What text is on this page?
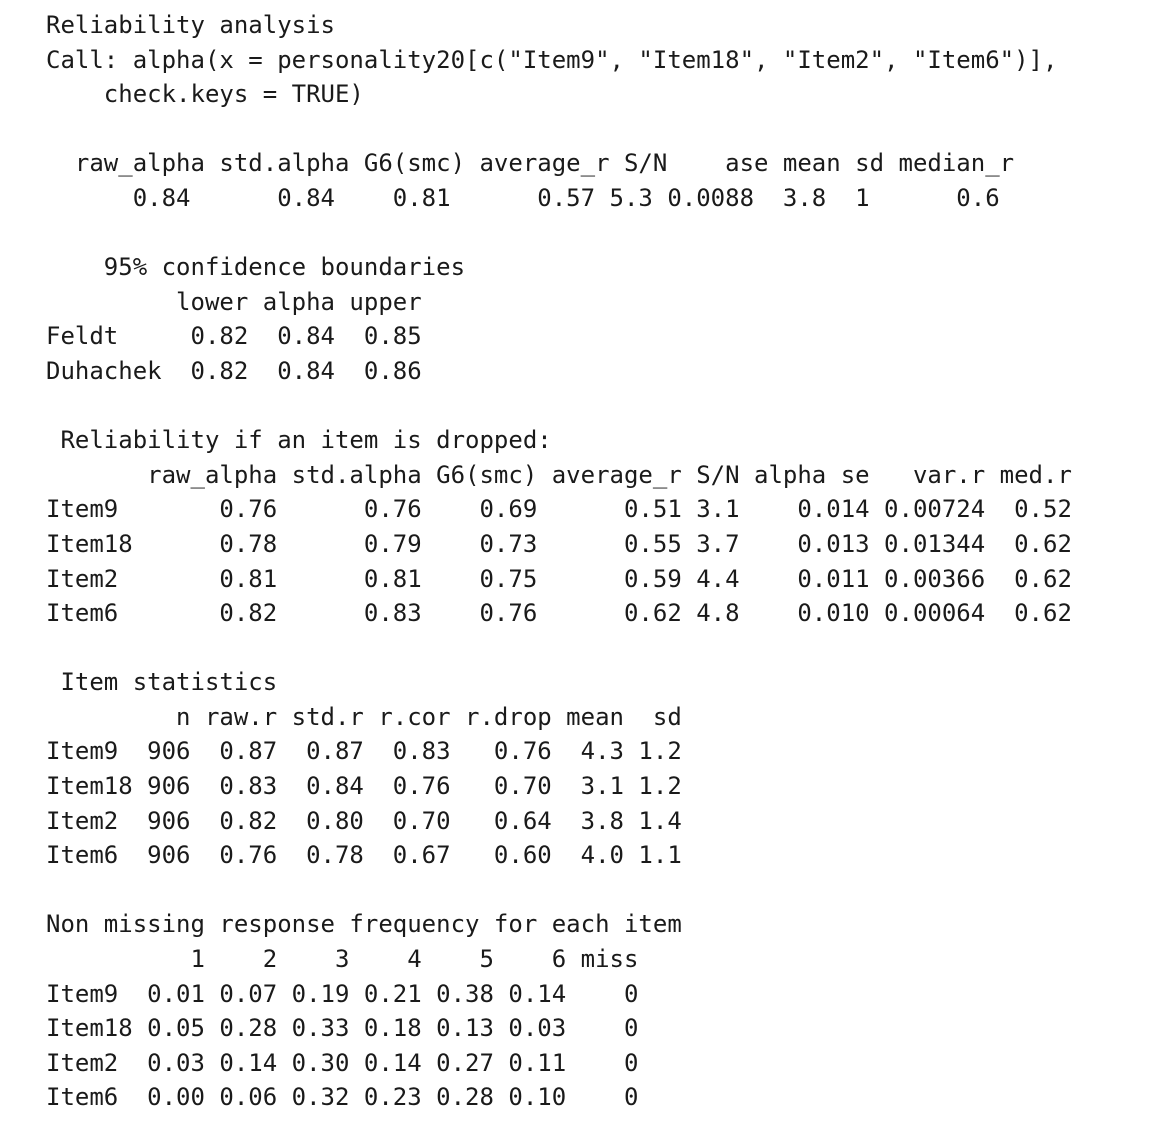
Reliability analysis
Call: alpha(x = personality20[c("Item9", "Item18", "Item2", "Item6")],
check.keys = TRUE)
raw_alpha std.alpha G6(smc) average_r S/N    ase mean sd median_r
0.84      0.84    0.81      0.57 5.3 0.0088  3.8  1      0.6
95% confidence boundaries
lower alpha upper
Feldt     0.82  0.84  0.85
Duhachek  0.82  0.84  0.86
Reliability if an item is dropped:
raw_alpha std.alpha G6(smc) average_r S/N alpha se   var.r med.r
Item9       0.76      0.76    0.69      0.51 3.1    0.014 0.00724  0.52
Item18      0.78      0.79    0.73      0.55 3.7    0.013 0.01344  0.62
Item2       0.81      0.81    0.75      0.59 4.4    0.011 0.00366  0.62
Item6       0.82      0.83    0.76      0.62 4.8    0.010 0.00064  0.62
Item statistics
n raw.r std.r r.cor r.drop mean  sd
Item9  906  0.87  0.87  0.83   0.76  4.3 1.2
Item18 906  0.83  0.84  0.76   0.70  3.1 1.2
Item2  906  0.82  0.80  0.70   0.64  3.8 1.4
Item6  906  0.76  0.78  0.67   0.60  4.0 1.1
Non missing response frequency for each item
1    2    3    4    5    6 miss
Item9  0.01 0.07 0.19 0.21 0.38 0.14    0
Item18 0.05 0.28 0.33 0.18 0.13 0.03    0
Item2  0.03 0.14 0.30 0.14 0.27 0.11    0
Item6  0.00 0.06 0.32 0.23 0.28 0.10    0
